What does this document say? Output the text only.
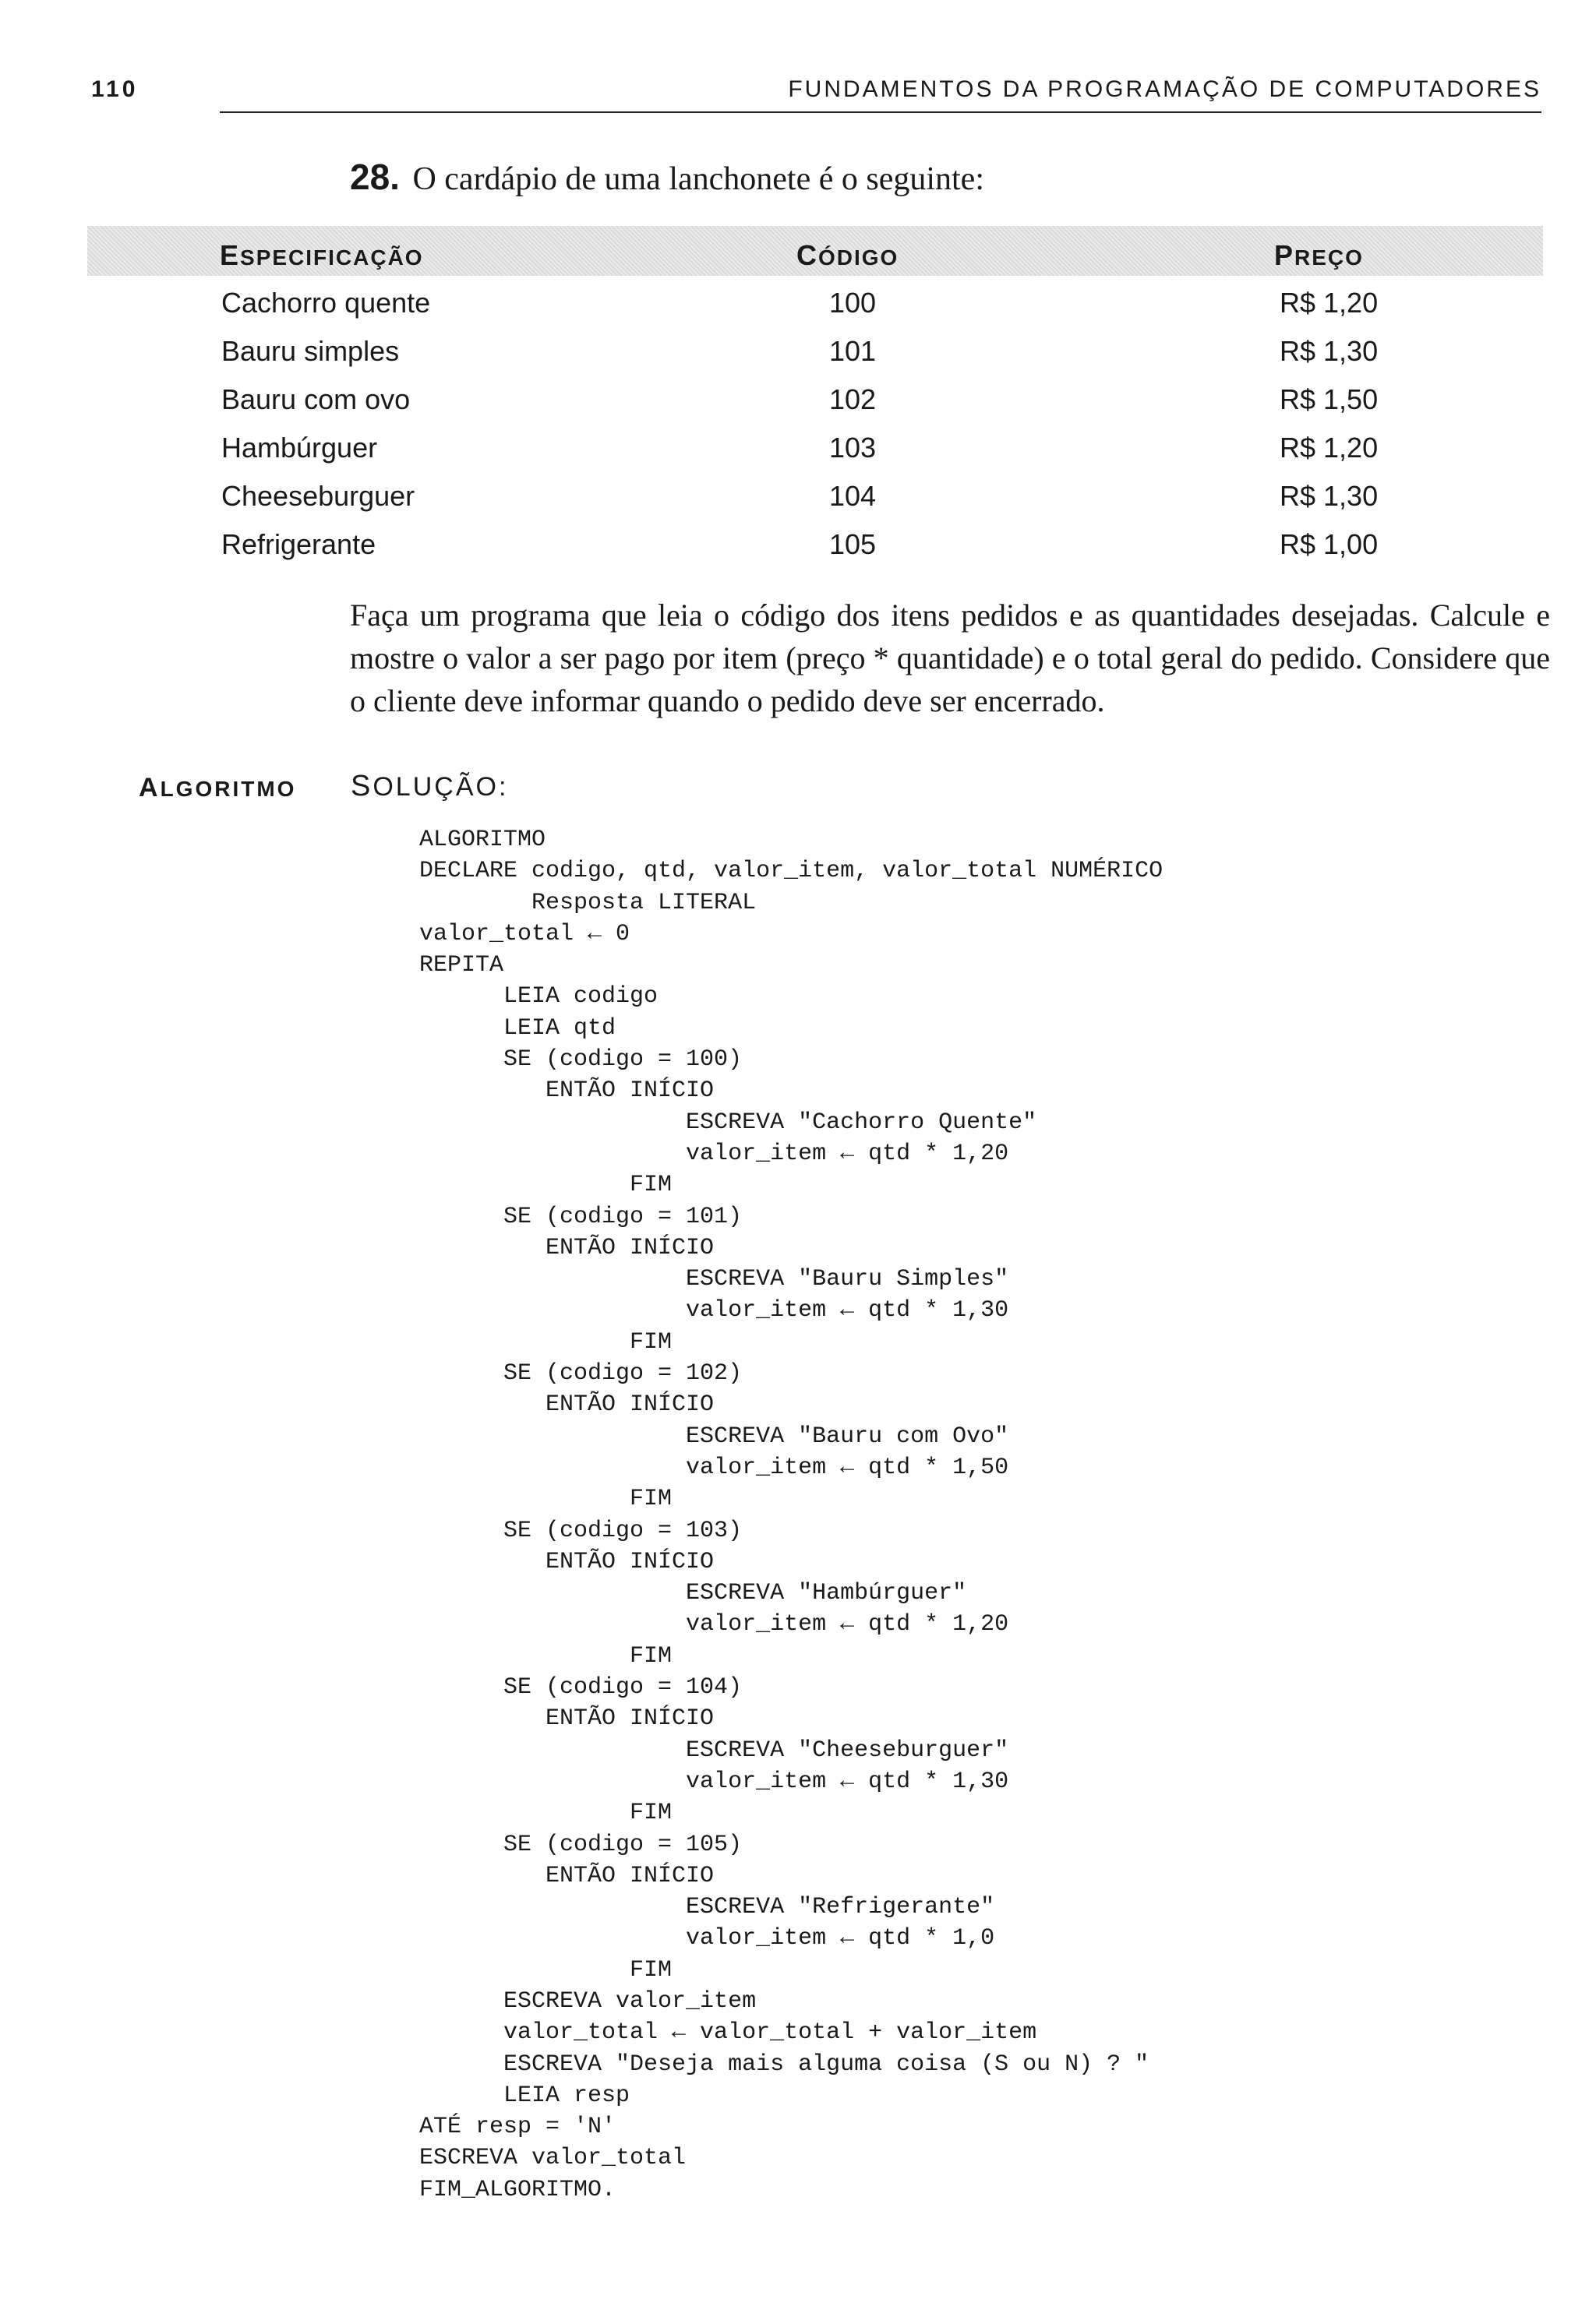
110	FUNDAMENTOS DA PROGRAMAÇÃO DE COMPUTADORES
28. O cardápio de uma lanchonete é o seguinte:
ESPECIFICAÇÃO	CÓDIGO	PREÇO
Cachorro quente	100	R$ 1,20
Bauru simples	101	R$ 1,30
Bauru com ovo	102	R$ 1,50
Hambúrguer	103	R$ 1,20
Cheeseburguer	104	R$ 1,30
Refrigerante	105	R$ 1,00
Faça um programa que leia o código dos itens pedidos e as quantidades desejadas. Calcule e mostre o valor a ser pago por item (preço * quantidade) e o total geral do pedido. Considere que o cliente deve informar quando o pedido deve ser encerrado.
ALGORITMO SOLUÇÃO:
ALGORITMO
DECLARE codigo, qtd, valor_item, valor_total NUMÉRICO
Resposta LITERAL
valor_total ← 0
REPITA
LEIA codigo
LEIA qtd
SE (codigo = 100)
ENTÃO INÍCIO
ESCREVA "Cachorro Quente"
valor_item ← qtd * 1,20
FIM
SE (codigo = 101)
ENTÃO INÍCIO
ESCREVA "Bauru Simples"
valor_item ← qtd * 1,30
FIM
SE (codigo = 102)
ENTÃO INÍCIO
ESCREVA "Bauru com Ovo"
valor_item ← qtd * 1,50
FIM
SE (codigo = 103)
ENTÃO INÍCIO
ESCREVA "Hambúrguer"
valor_item ← qtd * 1,20
FIM
SE (codigo = 104)
ENTÃO INÍCIO
ESCREVA "Cheeseburguer"
valor_item ← qtd * 1,30
FIM
SE (codigo = 105)
ENTÃO INÍCIO
ESCREVA "Refrigerante"
valor_item ← qtd * 1,0
FIM
ESCREVA valor_item
valor_total ← valor_total + valor_item
ESCREVA "Deseja mais alguma coisa (S ou N) ? "
LEIA resp
ATÉ resp = 'N'
ESCREVA valor_total
FIM_ALGORITMO.
